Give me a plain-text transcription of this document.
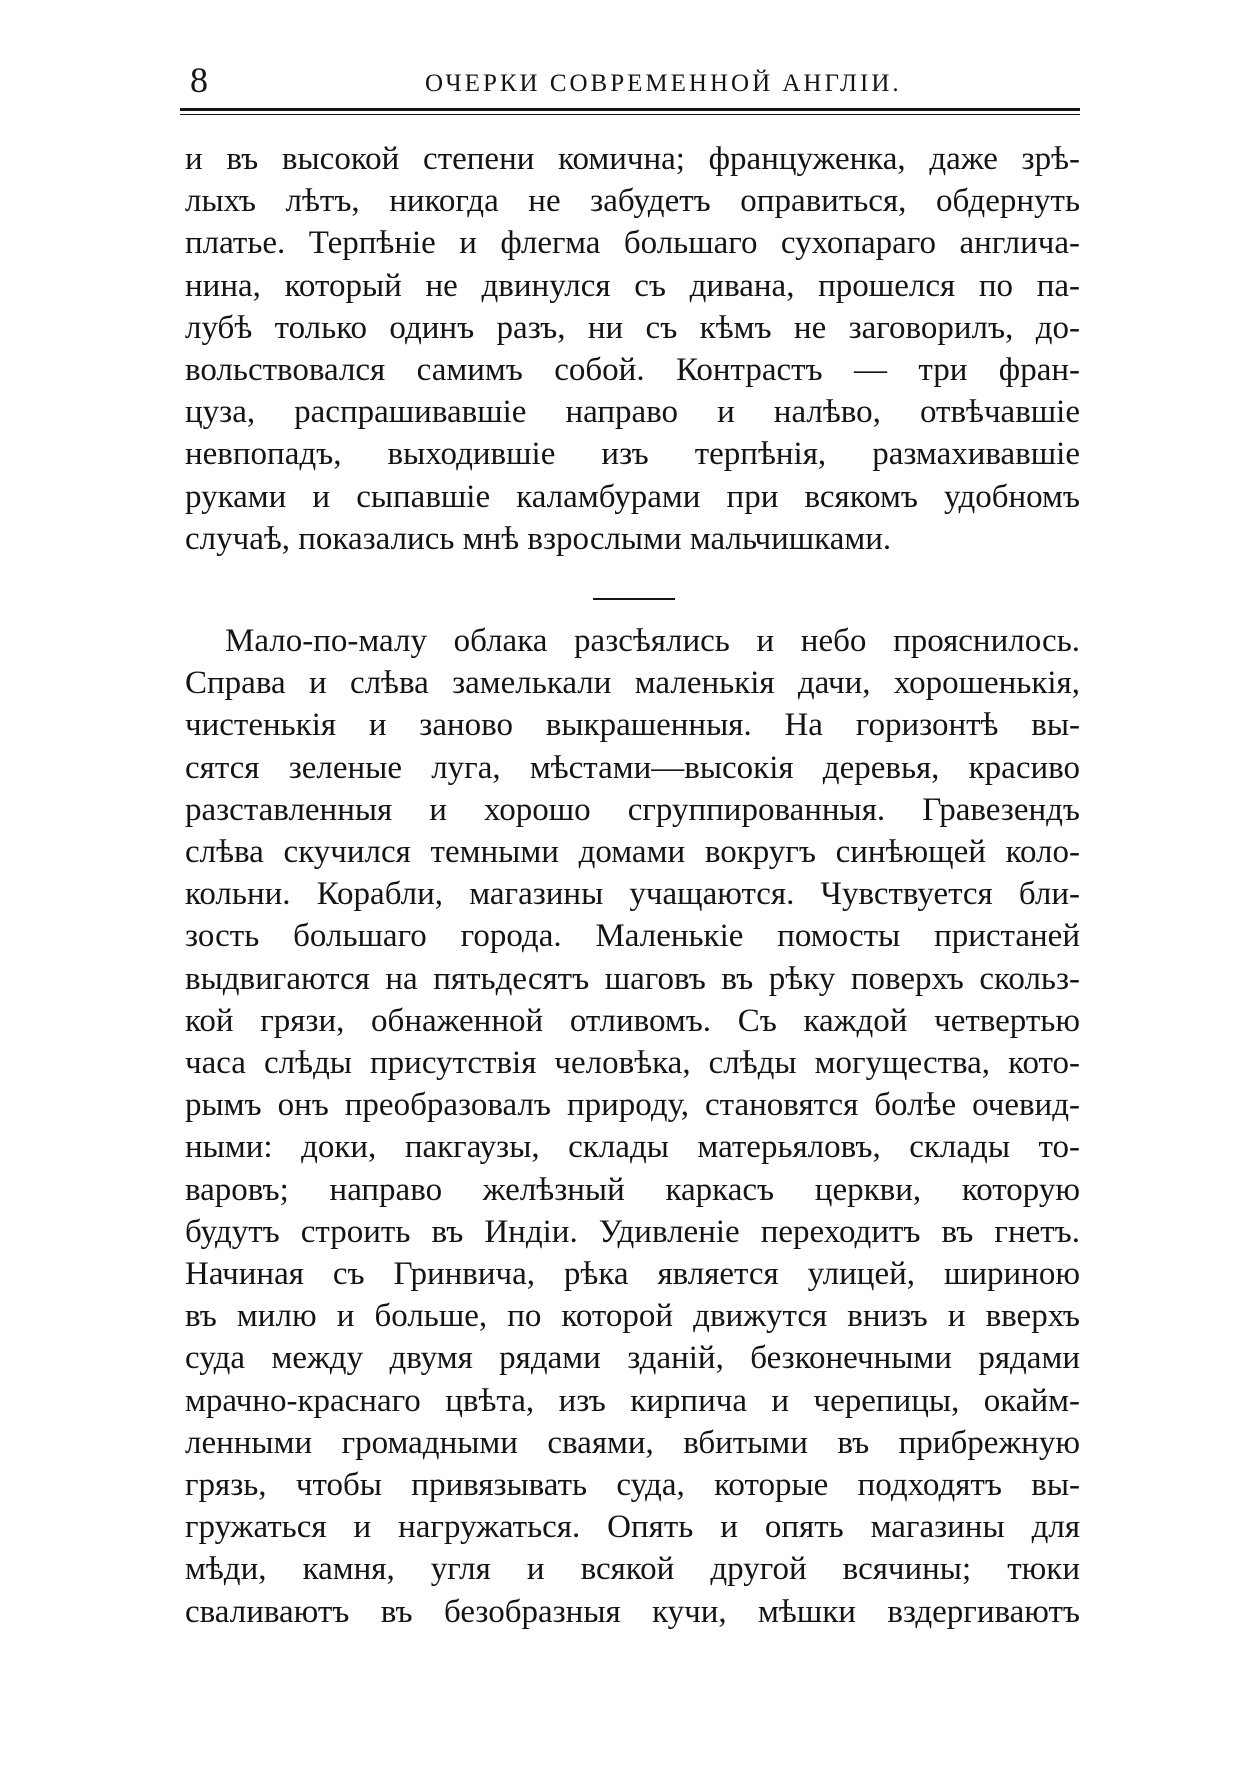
8	ОЧЕРКИ СОВРЕМЕННОЙ АНГЛІИ.
и въ высокой степени комична; француженка, даже зрѣ-
лыхъ лѣтъ, никогда не забудетъ оправиться, обдернуть
платье. Терпѣніе и флегма большаго сухопараго англича-
нина, который не двинулся съ дивана, прошелся по па-
лубѣ только одинъ разъ, ни съ кѣмъ не заговорилъ, до-
вольствовался самимъ собой. Контрастъ — три фран-
цуза, распрашивавшіе направо и налѣво, отвѣчавшіе
невпопадъ, выходившіе изъ терпѣнія, размахивавшіе
руками и сыпавшіе каламбурами при всякомъ удобномъ
случаѣ, показались мнѣ взрослыми мальчишками.
Мало-по-малу облака разсѣялись и небо прояснилось.
Справа и слѣва замелькали маленькія дачи, хорошенькія,
чистенькія и заново выкрашенныя. На горизонтѣ вы-
сятся зеленые луга, мѣстами—высокія деревья, красиво
разставленныя и хорошо сгруппированныя. Гравезендъ
слѣва скучился темными домами вокругъ синѣющей коло-
кольни. Корабли, магазины учащаются. Чувствуется бли-
зость большаго города. Маленькіе помосты пристаней
выдвигаются на пятьдесятъ шаговъ въ рѣку поверхъ скольз-
кой грязи, обнаженной отливомъ. Съ каждой четвертью
часа слѣды присутствія человѣка, слѣды могущества, кото-
рымъ онъ преобразовалъ природу, становятся болѣе очевид-
ными: доки, пакгаузы, склады матерьяловъ, склады то-
варовъ; направо желѣзный каркасъ церкви, которую
будутъ строить въ Индіи. Удивленіе переходитъ въ гнетъ.
Начиная съ Гринвича, рѣка является улицей, шириною
въ милю и больше, по которой движутся внизъ и вверхъ
суда между двумя рядами зданій, безконечными рядами
мрачно-краснаго цвѣта, изъ кирпича и черепицы, окайм-
ленными громадными сваями, вбитыми въ прибрежную
грязь, чтобы привязывать суда, которые подходятъ вы-
гружаться и нагружаться. Опять и опять магазины для
мѣди, камня, угля и всякой другой всячины; тюки
сваливаютъ въ безобразныя кучи, мѣшки вздергиваютъ
